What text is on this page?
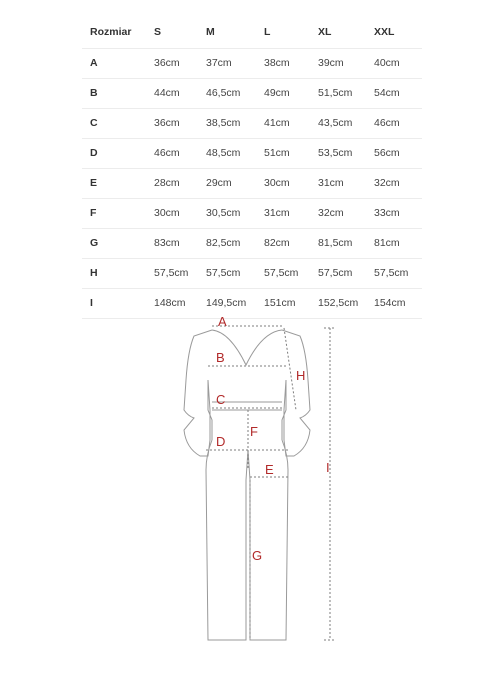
Rozmiar S	M	L	XL	XXL
A	36cm	37cm	38cm	39cm	40cm
B	44cm	46,5cm 49cm	51,5cm 54cm
C	36cm	38,5cm 41cm	43,5cm 46cm
D	46cm	48,5cm 51cm	53,5cm 56cm
E	28cm	29cm	30cm	31cm	32cm
F	30cm	30,5cm 31cm	32cm	33cm
G	83cm	82,5cm 82cm	81,5cm 81cm
H	57,5cm 57,5cm 57,5cm 57,5cm 57,5cm
I	148cm 149,5cm 151cm 152,5cm 154cm
A
B
C
D
E
F
G
H
I
